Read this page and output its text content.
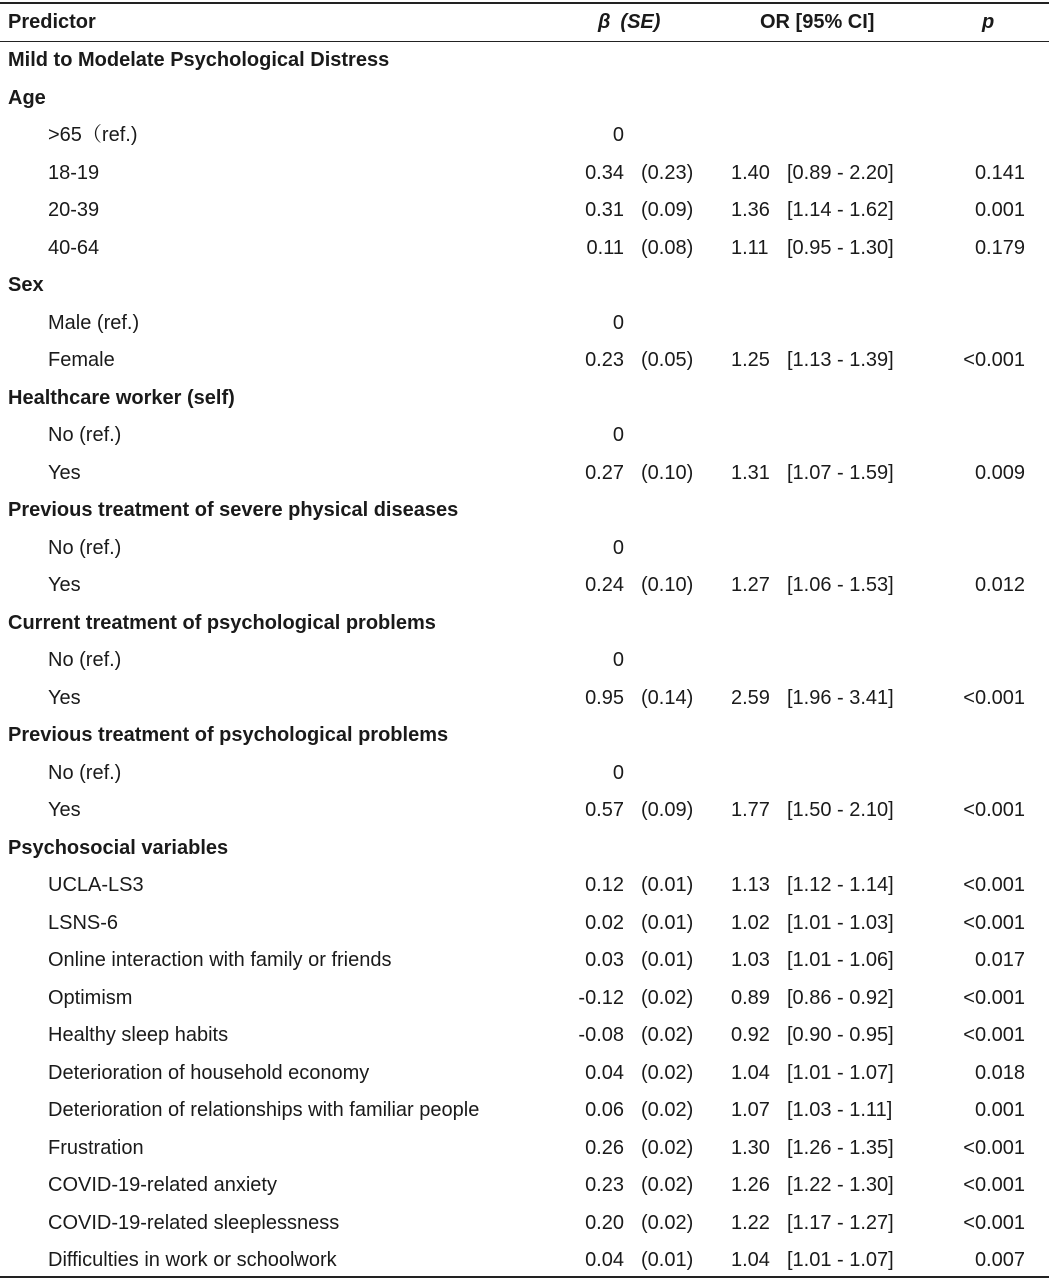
Predictor	β (SE)	OR [95% CI]	p
Mild to Modelate Psychological Distress
Age
>65（ref.)	0
18-19	0.34 (0.23) 1.40 [0.89 - 2.20]	0.141
20-39	0.31 (0.09) 1.36 [1.14 - 1.62]	0.001
40-64	0.11 (0.08) 1.11 [0.95 - 1.30]	0.179
Sex
Male (ref.)	0
Female	0.23 (0.05) 1.25 [1.13 - 1.39]	<0.001
Healthcare worker (self)
No (ref.)	0
Yes	0.27 (0.10) 1.31 [1.07 - 1.59]	0.009
Previous treatment of severe physical diseases
No (ref.)	0
Yes	0.24 (0.10) 1.27 [1.06 - 1.53]	0.012
Current treatment of psychological problems
No (ref.)	0
Yes	0.95 (0.14) 2.59 [1.96 - 3.41]	<0.001
Previous treatment of psychological problems
No (ref.)	0
Yes	0.57 (0.09) 1.77 [1.50 - 2.10]	<0.001
Psychosocial variables
UCLA-LS3	0.12 (0.01) 1.13 [1.12 - 1.14]	<0.001
LSNS-6	0.02 (0.01) 1.02 [1.01 - 1.03]	<0.001
Online interaction with family or friends	0.03 (0.01) 1.03 [1.01 - 1.06]	0.017
Optimism	-0.12 (0.02) 0.89 [0.86 - 0.92]	<0.001
Healthy sleep habits	-0.08 (0.02) 0.92 [0.90 - 0.95]	<0.001
Deterioration of household economy	0.04 (0.02) 1.04 [1.01 - 1.07]	0.018
Deterioration of relationships with familiar people	0.06 (0.02) 1.07 [1.03 - 1.11]	0.001
Frustration	0.26 (0.02) 1.30 [1.26 - 1.35]	<0.001
COVID-19-related anxiety	0.23 (0.02) 1.26 [1.22 - 1.30]	<0.001
COVID-19-related sleeplessness	0.20 (0.02) 1.22 [1.17 - 1.27]	<0.001
Difficulties in work or schoolwork	0.04 (0.01) 1.04 [1.01 - 1.07]	0.007
